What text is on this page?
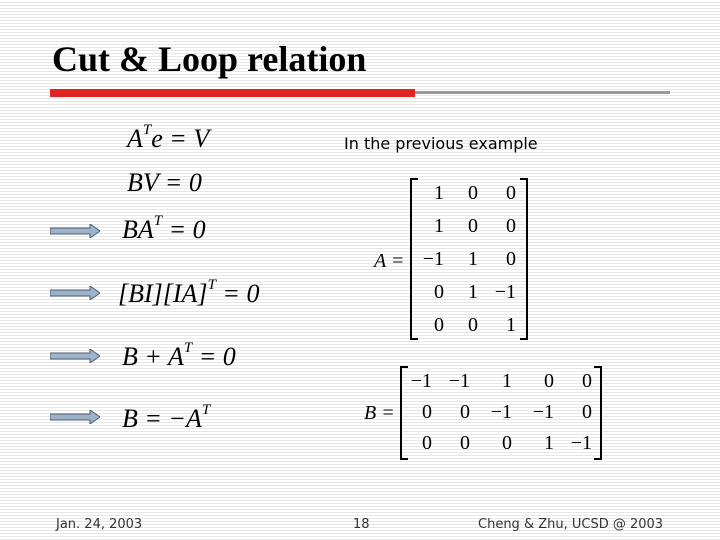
Cut & Loop relation
$A^Te = V$
BV = 0
$BA^T = 0$
[BI][IA]$^T$ = 0
$B + A^T = 0$
$B = -A^T$
In the previous example
A =
1	0	0
1	0	0
−1	1	0
0	1 −1
0	0	1
B =
−1 −1	1	0	0
0	0	−1	−1	0
0	0	0	1 −1
Jan. 24, 2003	18	Cheng & Zhu, UCSD @ 2003
